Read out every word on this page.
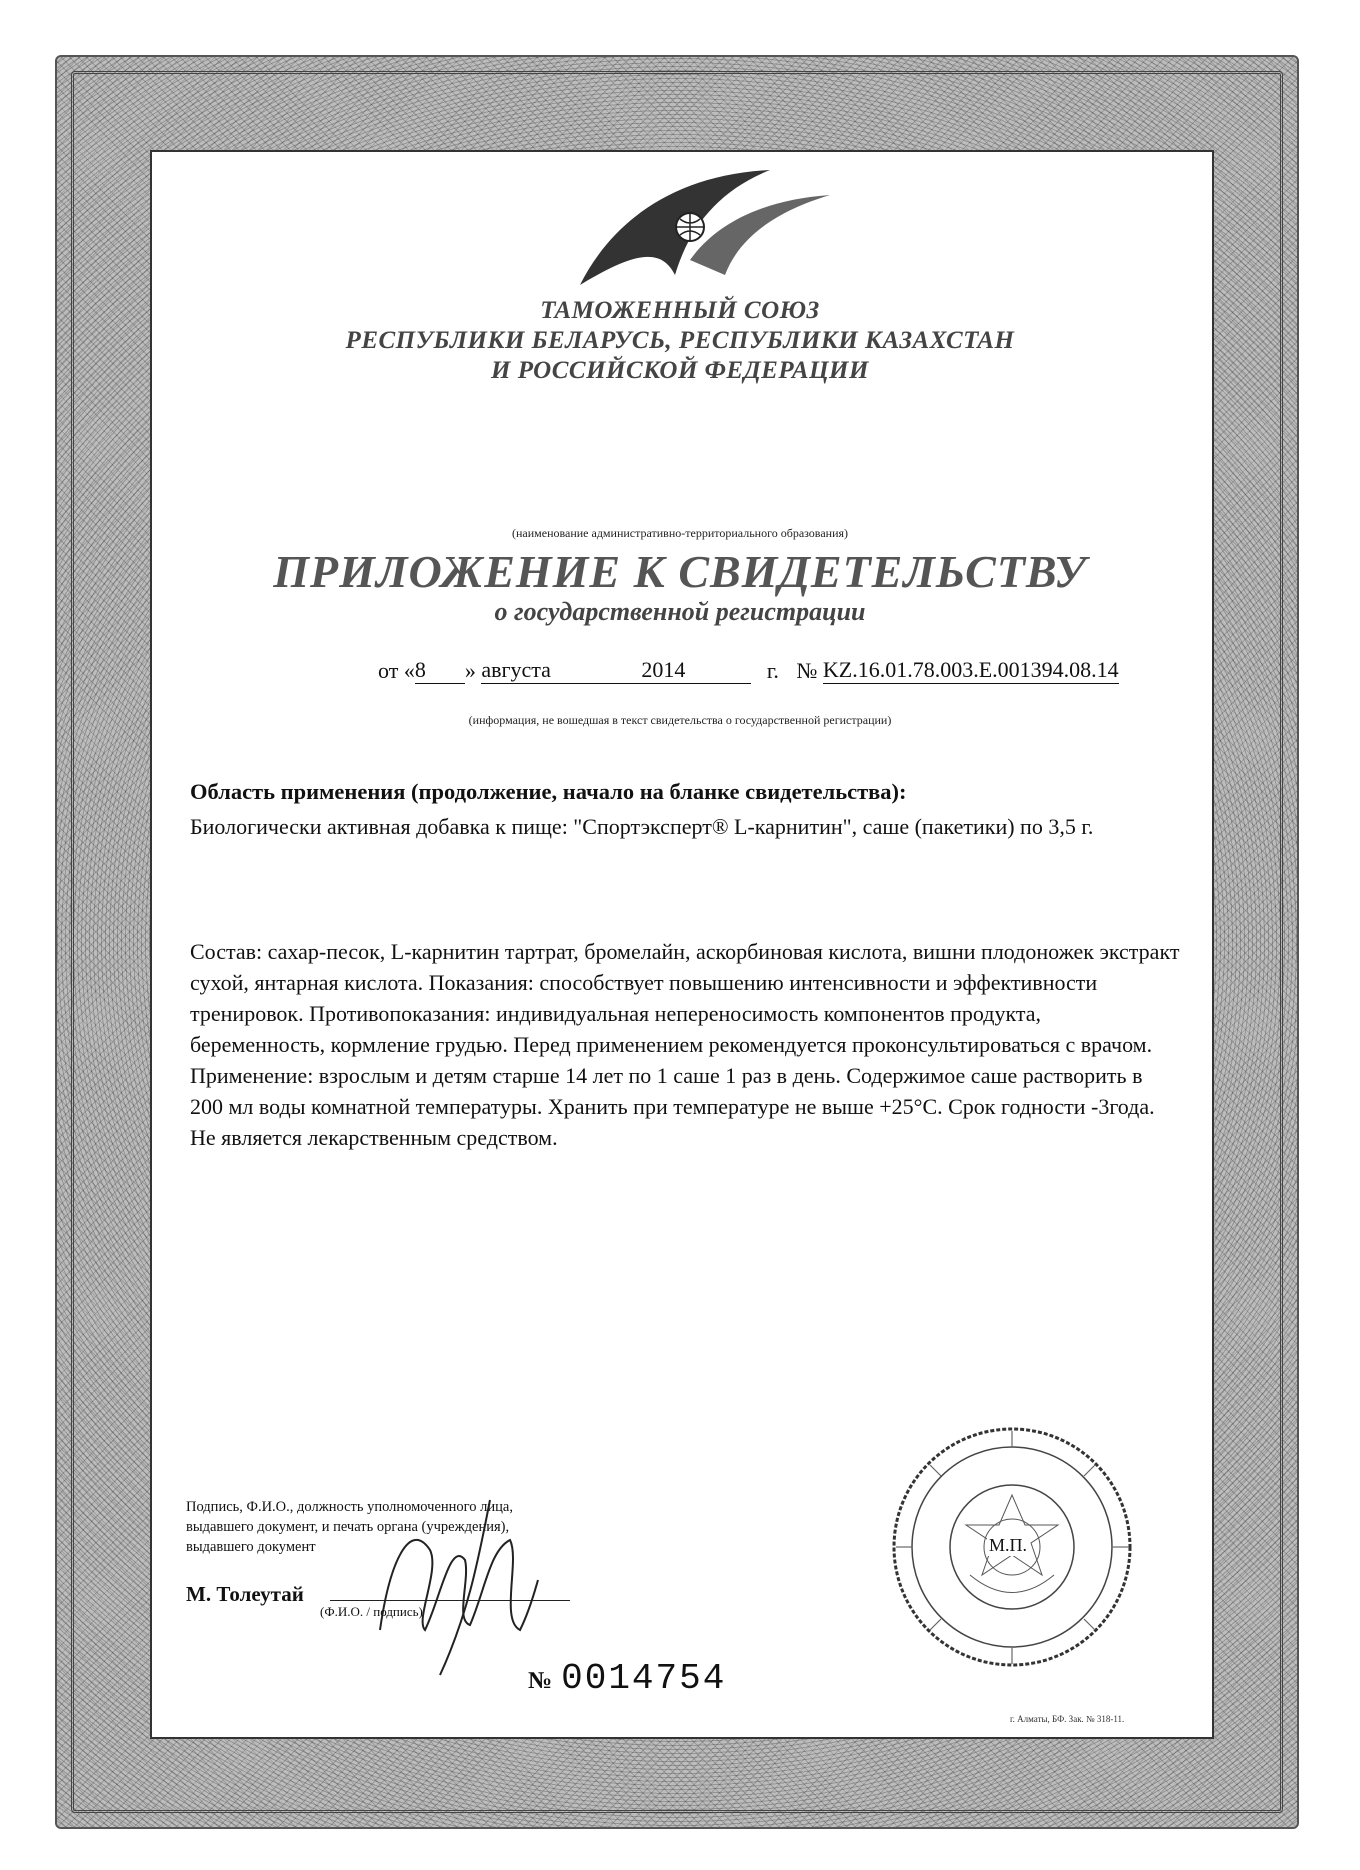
ТАМОЖЕННЫЙ СОЮЗ
РЕСПУБЛИКИ БЕЛАРУСЬ, РЕСПУБЛИКИ КАЗАХСТАН
И РОССИЙСКОЙ ФЕДЕРАЦИИ
(наименование административно-территориального образования)
ПРИЛОЖЕНИЕ К СВИДЕТЕЛЬСТВУ
о государственной регистрации
от «8 » августа	2014	г. № KZ.16.01.78.003.E.001394.08.14
(информация, не вошедшая в текст свидетельства о государственной регистрации)
Область применения (продолжение, начало на бланке свидетельства):
Биологически активная добавка к пище: "Спортэксперт® L-карнитин", саше (пакетики) по 3,5 г.
Состав: сахар-песок, L-карнитин тартрат, бромелайн, аскорбиновая кислота, вишни плодоножек экстракт сухой, янтарная кислота. Показания: способствует повышению интенсивности и эффективности тренировок. Противопоказания: индивидуальная непереносимость компонентов продукта, беременность, кормление грудью. Перед применением рекомендуется проконсультироваться с врачом. Применение: взрослым и детям старше 14 лет по 1 саше 1 раз в день. Содержимое саше растворить в 200 мл воды комнатной температуры. Хранить при температуре не выше +25°С. Срок годности -3года. Не является лекарственным средством.
Подпись, Ф.И.О., должность уполномоченного лица,
выдавшего документ, и печать органа (учреждения),
выдавшего документ
М. Толеутай
(Ф.И.О. / подпись)
М.П.
№ 0014754
г. Алматы, БФ. Зак. № 318-11.
